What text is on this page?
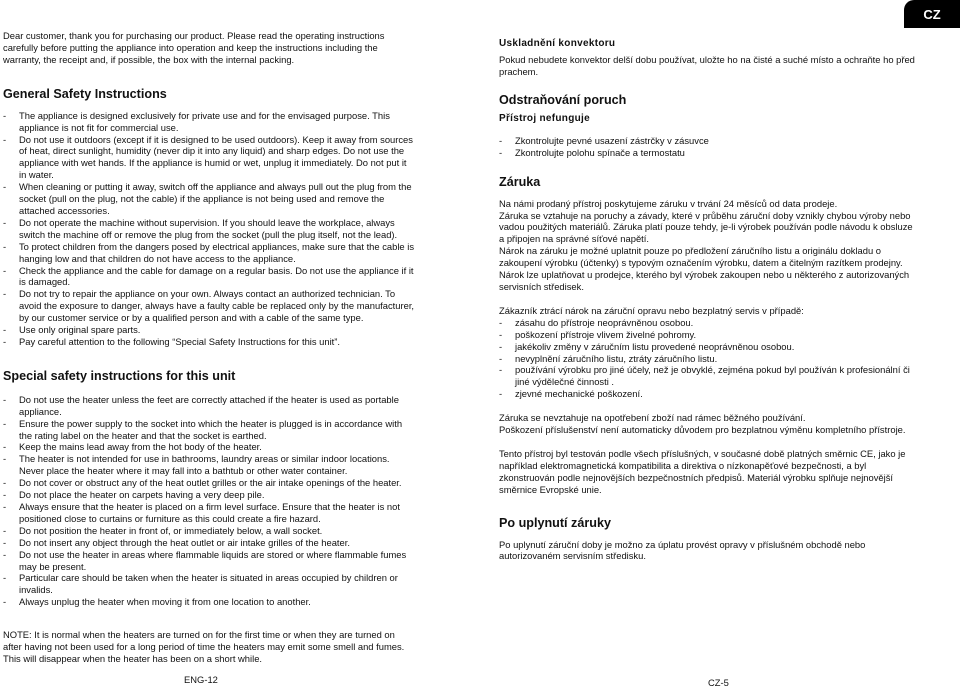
CZ

Dear customer, thank you for purchasing our product. Please read the operating instructions carefully before putting the appliance into operation and keep the instructions including the warranty, the receipt and, if possible, the box with the internal packing.

General Safety Instructions

- The appliance is designed exclusively for private use and for the envisaged purpose. This appliance is not fit for commercial use.
- Do not use it outdoors (except if it is designed to be used outdoors). Keep it away from sources of heat, direct sunlight, humidity (never dip it into any liquid) and sharp edges. Do not use the appliance with wet hands. If the appliance is humid or wet, unplug it immediately. Do not put it in water.
- When cleaning or putting it away, switch off the appliance and always pull out the plug from the socket (pull on the plug, not the cable) if the appliance is not being used and remove the attached accessories.
- Do not operate the machine without supervision. If you should leave the workplace, always switch the machine off or remove the plug from the socket (pull the plug itself, not the lead).
- To protect children from the dangers posed by electrical appliances, make sure that the cable is hanging low and that children do not have access to the appliance.
- Check the appliance and the cable for damage on a regular basis. Do not use the appliance if it is damaged.
- Do not try to repair the appliance on your own. Always contact an authorized technician. To avoid the exposure to danger, always have a faulty cable be replaced only by the manufacturer, by our customer service or by a qualified person and with a cable of the same type.
- Use only original spare parts.
- Pay careful attention to the following “Special Safety Instructions for this unit”.

Special safety instructions for this unit

- Do not use the heater unless the feet are correctly attached if the heater is used as portable appliance.
- Ensure the power supply to the socket into which the heater is plugged is in accordance with the rating label on the heater and that the socket is earthed.
- Keep the mains lead away from the hot body of the heater.
- The heater is not intended for use in bathrooms, laundry areas or similar indoor locations. Never place the heater where it may fall into a bathtub or other water container.
- Do not cover or obstruct any of the heat outlet grilles or the air intake openings of the heater.
- Do not place the heater on carpets having a very deep pile.
- Always ensure that the heater is placed on a firm level surface. Ensure that the heater is not positioned close to curtains or furniture as this could create a fire hazard.
- Do not position the heater in front of, or immediately below, a wall socket.
- Do not insert any object through the heat outlet or air intake grilles of the heater.
- Do not use the heater in areas where flammable liquids are stored or where flammable fumes may be present.
- Particular care should be taken when the heater is situated in areas occupied by children or invalids.
- Always unplug the heater when moving it from one location to another.

NOTE: It is normal when the heaters are turned on for the first time or when they are turned on after having not been used for a long period of time the heaters may emit some smell and fumes. This will disappear when the heater has been on a short while.

Uskladnění konvektoru

Pokud nebudete konvektor delší dobu používat, uložte ho na čisté a suché místo a ochraňte ho před prachem.

Odstraňování poruch

Přístroj nefunguje

- Zkontrolujte pevné usazení zástrčky v zásuvce
- Zkontrolujte polohu spínače a termostatu

Záruka

Na námi prodaný přístroj poskytujeme záruku v trvání 24 měsíců od data prodeje.

Záruka se vztahuje na poruchy a závady, které v průběhu záruční doby vznikly chybou výroby nebo vadou použitých materiálů. Záruka platí pouze tehdy, je-li výrobek používán podle návodu k obsluze a připojen na správné síťové napětí.

Nárok na záruku je možné uplatnit pouze po předložení záručního listu a originálu dokladu o zakoupení výrobku (účtenky) s typovým označením výrobku, datem a čitelným razítkem prodejny.

Nárok lze uplatňovat u prodejce, kterého byl výrobek zakoupen nebo u některého z autorizovaných servisních středisek.

Zákazník ztrácí nárok na záruční opravu nebo bezplatný servis v případě:

- zásahu do přístroje neoprávněnou osobou.
- poškození přístroje vlivem živelné pohromy.
- jakékoliv změny v záručním listu provedené neoprávněnou osobou.
- nevyplnění záručního listu, ztráty záručního listu.
- používání výrobku pro jiné účely, než je obvyklé, zejména pokud byl používán k profesionální či jiné výdělečné činnosti .
- zjevné mechanické poškození.

Záruka se nevztahuje na opotřebení zboží nad rámec běžného používání.

Poškození příslušenství není automaticky důvodem pro bezplatnou výměnu kompletního přístroje.

Tento přístroj byl testován podle všech příslušných, v současné době platných směrnic CE, jako je například elektromagnetická kompatibilita a direktiva o nízkonapěťové bezpečnosti, a byl zkonstruován podle nejnovějších bezpečnostních předpisů. Materiál výrobku splňuje nejnovější směrnice Evropské unie.

Po uplynutí záruky

Po uplynutí záruční doby je možno za úplatu provést opravy v příslušném obchodě nebo autorizovaném servisním středisku.

ENG-12	CZ-5
